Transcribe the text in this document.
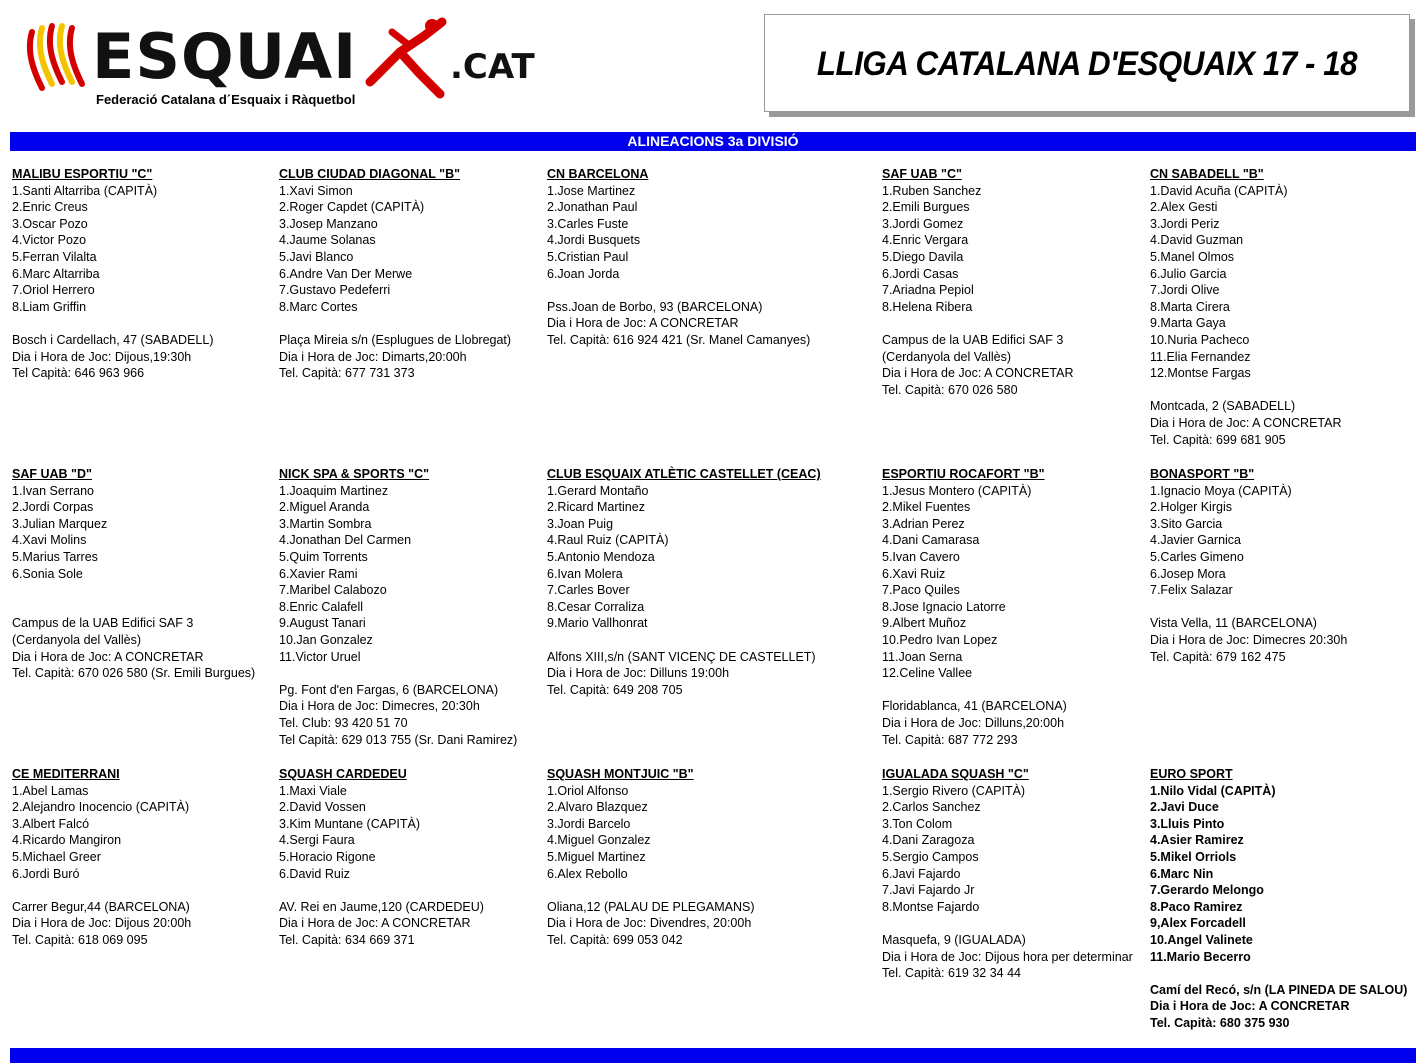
ESQUAI	.CAT
Federació Catalana d´Esquaix i Ràquetbol
LLIGA CATALANA D'ESQUAIX 17 - 18
ALINEACIONS 3a DIVISIÓ
MALIBU ESPORTIU "C"
1.Santi Altarriba (CAPITÀ)
2.Enric Creus
3.Oscar Pozo
4.Victor Pozo
5.Ferran Vilalta
6.Marc Altarriba
7.Oriol Herrero
8.Liam Griffin
Bosch i Cardellach, 47 (SABADELL)
Dia i Hora de Joc: Dijous,19:30h
Tel Capità: 646 963 966
CLUB CIUDAD DIAGONAL "B"
1.Xavi Simon
2.Roger Capdet (CAPITÀ)
3.Josep Manzano
4.Jaume Solanas
5.Javi Blanco
6.Andre Van Der Merwe
7.Gustavo Pedeferri
8.Marc Cortes
Plaça Mireia s/n (Esplugues de Llobregat)
Dia i Hora de Joc: Dimarts,20:00h
Tel. Capità: 677 731 373
CN BARCELONA
1.Jose Martinez
2.Jonathan Paul
3.Carles Fuste
4.Jordi Busquets
5.Cristian Paul
6.Joan Jorda
Pss.Joan de Borbo, 93 (BARCELONA)
Dia i Hora de Joc: A CONCRETAR
Tel. Capità: 616 924 421 (Sr. Manel Camanyes)
SAF UAB "C"
1.Ruben Sanchez
2.Emili Burgues
3.Jordi Gomez
4.Enric Vergara
5.Diego Davila
6.Jordi Casas
7.Ariadna Pepiol
8.Helena Ribera
Campus de la UAB Edifici SAF 3
(Cerdanyola del Vallès)
Dia i Hora de Joc: A CONCRETAR
Tel. Capità: 670 026 580
CN SABADELL "B"
1.David Acuña (CAPITÀ)
2.Alex Gesti
3.Jordi Periz
4.David Guzman
5.Manel Olmos
6.Julio Garcia
7.Jordi Olive
8.Marta Cirera
9.Marta Gaya
10.Nuria Pacheco
11.Elia Fernandez
12.Montse Fargas
Montcada, 2 (SABADELL)
Dia i Hora de Joc: A CONCRETAR
Tel. Capità: 699 681 905
SAF UAB "D"
1.Ivan Serrano
2.Jordi Corpas
3.Julian Marquez
4.Xavi Molins
5.Marius Tarres
6.Sonia Sole
Campus de la UAB Edifici SAF 3
(Cerdanyola del Vallès)
Dia i Hora de Joc: A CONCRETAR
Tel. Capità: 670 026 580 (Sr. Emili Burgues)
NICK SPA & SPORTS "C"
1.Joaquim Martinez
2.Miguel Aranda
3.Martin Sombra
4.Jonathan Del Carmen
5.Quim Torrents
6.Xavier Rami
7.Maribel Calabozo
8.Enric Calafell
9.August Tanari
10.Jan Gonzalez
11.Victor Uruel
Pg. Font d'en Fargas, 6 (BARCELONA)
Dia i Hora de Joc: Dimecres, 20:30h
Tel. Club: 93 420 51 70
Tel Capità: 629 013 755 (Sr. Dani Ramirez)
CLUB ESQUAIX ATLÈTIC CASTELLET (CEAC)
1.Gerard Montaño
2.Ricard Martinez
3.Joan Puig
4.Raul Ruiz (CAPITÀ)
5.Antonio Mendoza
6.Ivan Molera
7.Carles Bover
8.Cesar Corraliza
9.Mario Vallhonrat
Alfons XIII,s/n (SANT VICENÇ DE CASTELLET)
Dia i Hora de Joc: Dilluns 19:00h
Tel. Capità: 649 208 705
ESPORTIU ROCAFORT "B"
1.Jesus Montero (CAPITÀ)
2.Mikel Fuentes
3.Adrian Perez
4.Dani Camarasa
5.Ivan Cavero
6.Xavi Ruiz
7.Paco Quiles
8.Jose Ignacio Latorre
9.Albert Muñoz
10.Pedro Ivan Lopez
11.Joan Serna
12.Celine Vallee
Floridablanca, 41 (BARCELONA)
Dia i Hora de Joc: Dilluns,20:00h
Tel. Capità: 687 772 293
BONASPORT "B"
1.Ignacio Moya (CAPITÀ)
2.Holger Kirgis
3.Sito Garcia
4.Javier Garnica
5.Carles Gimeno
6.Josep Mora
7.Felix Salazar
Vista Vella, 11 (BARCELONA)
Dia i Hora de Joc: Dimecres 20:30h
Tel. Capità: 679 162 475
CE MEDITERRANI
1.Abel Lamas
2.Alejandro Inocencio (CAPITÀ)
3.Albert Falcó
4.Ricardo Mangiron
5.Michael Greer
6.Jordi Buró
Carrer Begur,44 (BARCELONA)
Dia i Hora de Joc: Dijous 20:00h
Tel. Capità: 618 069 095
SQUASH CARDEDEU
1.Maxi Viale
2.David Vossen
3.Kim Muntane (CAPITÀ)
4.Sergi Faura
5.Horacio Rigone
6.David Ruiz
AV. Rei en Jaume,120 (CARDEDEU)
Dia i Hora de Joc: A CONCRETAR
Tel. Capità: 634 669 371
SQUASH MONTJUIC "B"
1.Oriol Alfonso
2.Alvaro Blazquez
3.Jordi Barcelo
4.Miguel Gonzalez
5.Miguel Martinez
6.Alex Rebollo
Oliana,12 (PALAU DE PLEGAMANS)
Dia i Hora de Joc: Divendres, 20:00h
Tel. Capità: 699 053 042
IGUALADA SQUASH "C"
1.Sergio Rivero (CAPITÀ)
2.Carlos Sanchez
3.Ton Colom
4.Dani Zaragoza
5.Sergio Campos
6.Javi Fajardo
7.Javi Fajardo Jr
8.Montse Fajardo
Masquefa, 9 (IGUALADA)
Dia i Hora de Joc: Dijous hora per determinar
Tel. Capità: 619 32 34 44
EURO SPORT
1.Nilo Vidal (CAPITÀ)
2.Javi Duce
3.Lluis Pinto
4.Asier Ramirez
5.Mikel Orriols
6.Marc Nin
7.Gerardo Melongo
8.Paco Ramirez
9,Alex Forcadell
10.Angel Valinete
11.Mario Becerro
Camí del Recó, s/n (LA PINEDA DE SALOU)
Dia i Hora de Joc: A CONCRETAR
Tel. Capità: 680 375 930
